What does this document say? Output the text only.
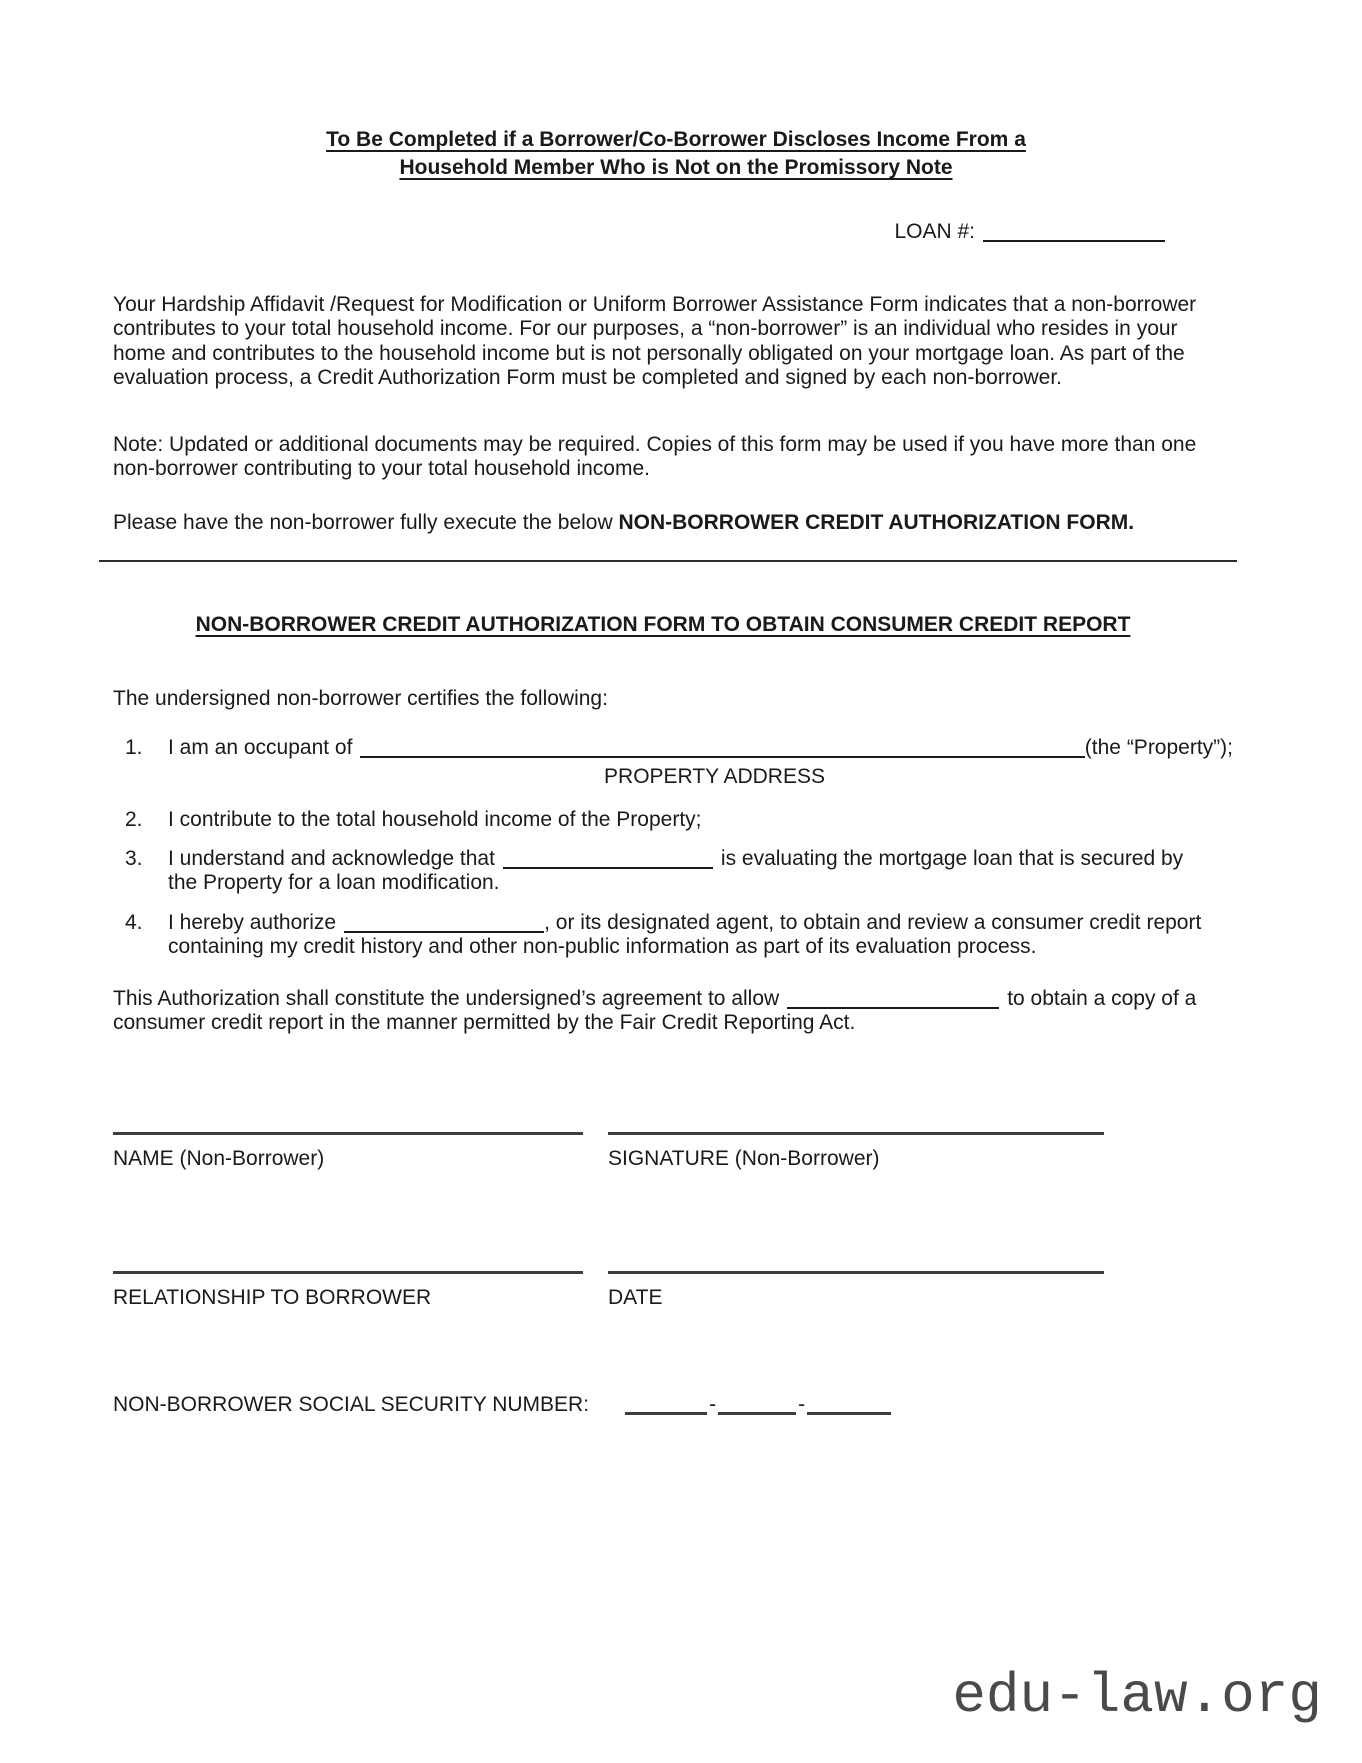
To Be Completed if a Borrower/Co-Borrower Discloses Income From a
Household Member Who is Not on the Promissory Note
LOAN #:

Your Hardship Affidavit /Request for Modification or Uniform Borrower Assistance Form indicates that a non-borrower contributes to your total household income. For our purposes, a “non-borrower” is an individual who resides in your home and contributes to the household income but is not personally obligated on your mortgage loan. As part of the evaluation process, a Credit Authorization Form must be completed and signed by each non-borrower.

Note: Updated or additional documents may be required. Copies of this form may be used if you have more than one non-borrower contributing to your total household income.

Please have the non-borrower fully execute the below NON-BORROWER CREDIT AUTHORIZATION FORM.

NON-BORROWER CREDIT AUTHORIZATION FORM TO OBTAIN CONSUMER CREDIT REPORT

The undersigned non-borrower certifies the following:

1.	I am an occupant of	(the “Property”);
PROPERTY ADDRESS
2.	I contribute to the total household income of the Property;
3.	I understand and acknowledge that	is evaluating the mortgage loan that is secured by the Property for a loan modification.
4.	I hereby authorize	, or its designated agent, to obtain and review a consumer credit report containing my credit history and other non-public information as part of its evaluation process.

This Authorization shall constitute the undersigned’s agreement to allow	to obtain a copy of a consumer credit report in the manner permitted by the Fair Credit Reporting Act.

NAME (Non-Borrower)	SIGNATURE (Non-Borrower)
RELATIONSHIP TO BORROWER	DATE
NON-BORROWER SOCIAL SECURITY NUMBER:	-	-
edu-law.org
